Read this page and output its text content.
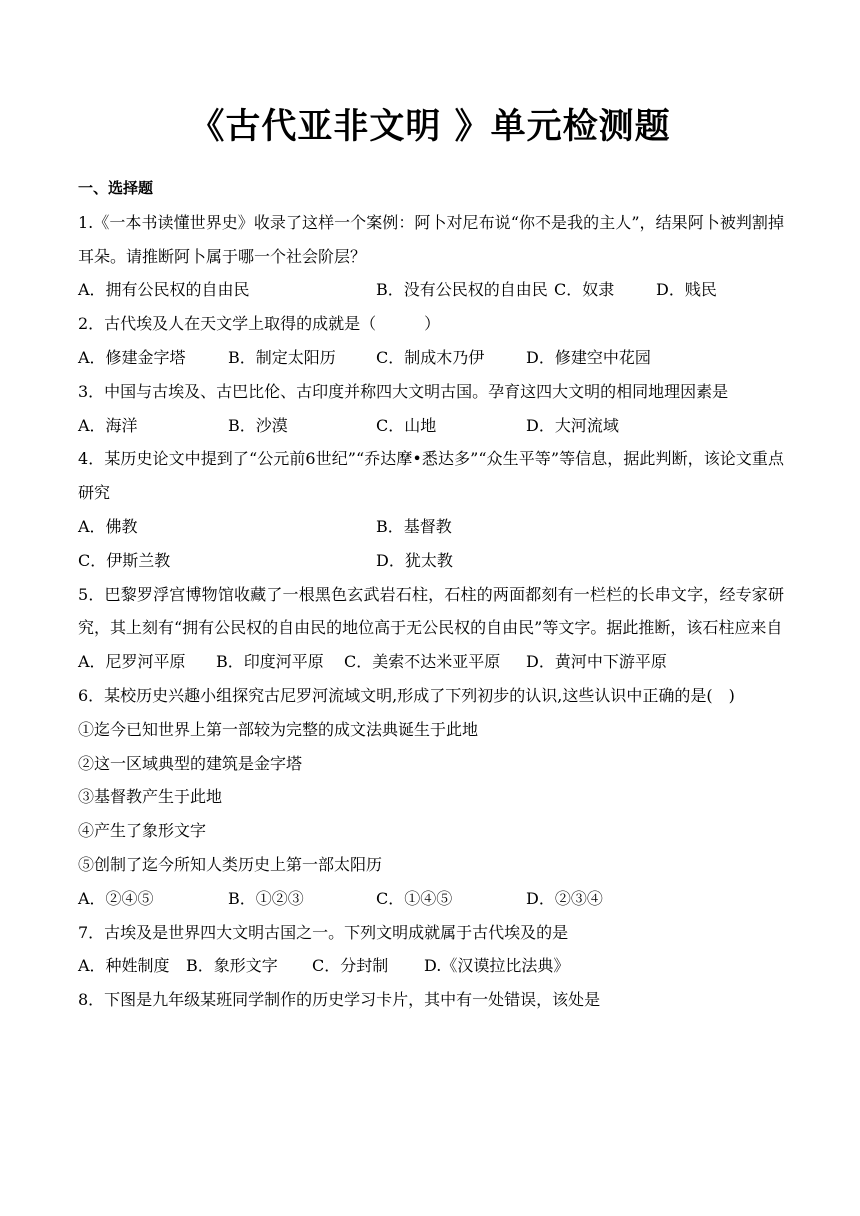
《古代亚非文明 》单元检测题
一、选择题
1.《一本书读懂世界史》收录了这样一个案例：阿卜对尼布说“你不是我的主人”，结果阿卜被判割掉耳朵。请推断阿卜属于哪一个社会阶层？
A．拥有公民权的自由民	B．没有公民权的自由民 C．奴隶	D．贱民
2．古代埃及人在天文学上取得的成就是（　　　）
A．修建金字塔	B．制定太阳历	C．制成木乃伊	D．修建空中花园
3．中国与古埃及、古巴比伦、古印度并称四大文明古国。孕育这四大文明的相同地理因素是
A．海洋	B．沙漠	C．山地	D．大河流域
4．某历史论文中提到了“公元前6世纪”“乔达摩•悉达多”“众生平等”等信息，据此判断，该论文重点研究
A．佛教	B．基督教
C．伊斯兰教	D．犹太教
5．巴黎罗浮宫博物馆收藏了一根黑色玄武岩石柱，石柱的两面都刻有一栏栏的长串文字，经专家研究，其上刻有“拥有公民权的自由民的地位高于无公民权的自由民”等文字。据此推断，该石柱应来自
A．尼罗河平原 B．印度河平原 C．美索不达米亚平原 D．黄河中下游平原
6．某校历史兴趣小组探究古尼罗河流域文明,形成了下列初步的认识,这些认识中正确的是(　)
①迄今已知世界上第一部较为完整的成文法典诞生于此地
②这一区域典型的建筑是金字塔
③基督教产生于此地
④产生了象形文字
⑤创制了迄今所知人类历史上第一部太阳历
A．②④⑤	B．①②③	C．①④⑤	D．②③④
7．古埃及是世界四大文明古国之一。下列文明成就属于古代埃及的是
A．种姓制度 B．象形文字 C．分封制 D.《汉谟拉比法典》
8．下图是九年级某班同学制作的历史学习卡片，其中有一处错误，该处是
